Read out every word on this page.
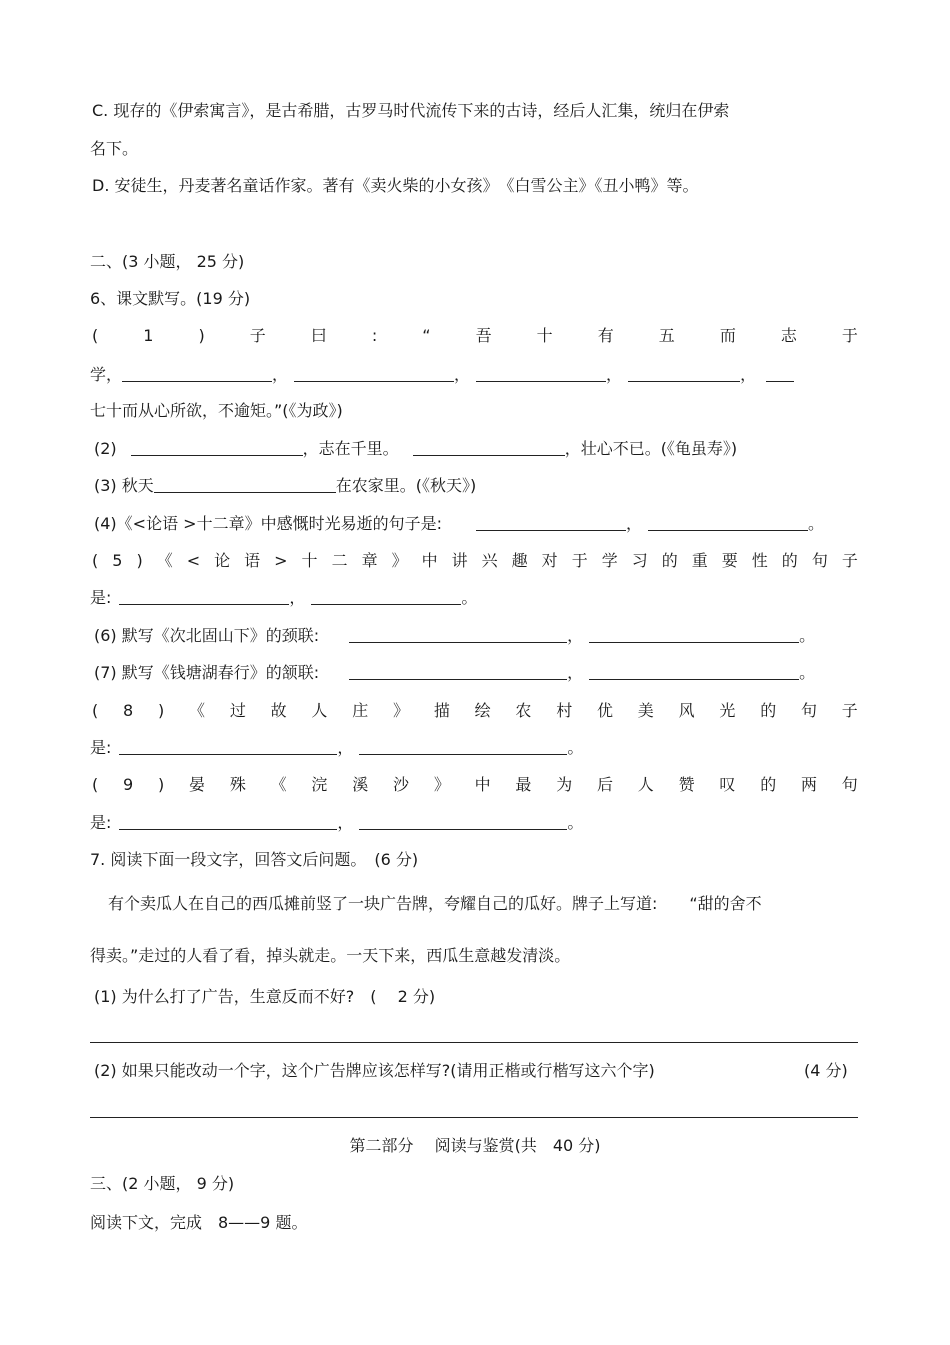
C. 现存的《伊索寓言》，是古希腊，古罗马时代流传下来的古诗，经后人汇集，统归在伊索
名下。
D. 安徒生，丹麦著名童话作家。著有《卖火柴的小女孩》　《白雪公主》《丑小鸭》等。
二、(3 小题， 25 分)
6、课文默写。(19 分)
(	1	)	子	曰	:	“	吾	十	有	五	而	志	于
学，	，	，	，	，
七十而从心所欲，不逾矩。”(《为政》)
(2)	，志在千里。	，壮心不已。(《龟虽寿》)
(3) 秋天	在农家里。(《秋天》)
(4)《<论语 >十二章》中感慨时光易逝的句子是:	，	。
( 5 ) 《 < 论 语 > 十 二 章 》 中 讲 兴 趣 对 于 学 习 的 重 要 性 的 句 子
是:	，	。
(6) 默写《次北固山下》的颈联:	，	。
(7) 默写《钱塘湖春行》的颔联:	，	。
( 8 ) 《 过 故 人 庄 》 描 绘 农 村 优 美 风 光 的 句 子
是:	，	。
( 9 ) 晏 殊 《 浣 溪 沙 》 中 最 为 后 人 赞 叹 的 两 句
是:	，	。
7. 阅读下面一段文字，回答文后问题。　(6 分)
有个卖瓜人在自己的西瓜摊前竖了一块广告牌，夸耀自己的瓜好。牌子上写道:　　“甜的舍不
得卖。”走过的人看了看，掉头就走。一天下来，西瓜生意越发清淡。
(1) 为什么打了广告，生意反而不好?　(　 2 分)
(2) 如果只能改动一个字，这个广告牌应该怎样写?(请用正楷或行楷写这六个字)	(4 分)
第二部分　 阅读与鉴赏(共　40 分)
三、(2 小题， 9 分)
阅读下文，完成　8——9 题。
